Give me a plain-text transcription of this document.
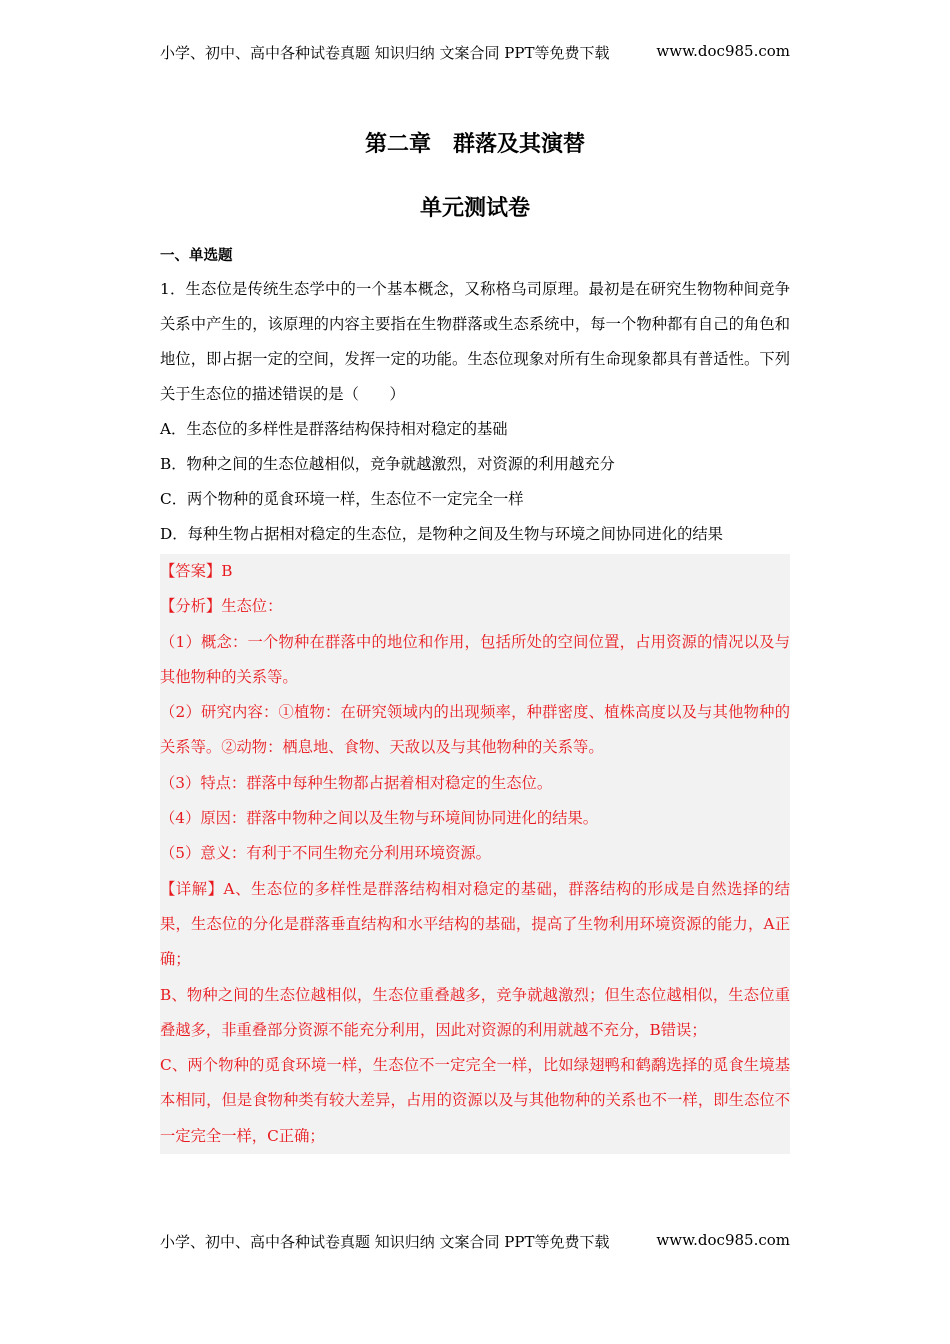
小学、初中、高中各种试卷真题 知识归纳 文案合同 PPT等免费下载	www.doc985.com
第二章　群落及其演替
单元测试卷
一、单选题

1．生态位是传统生态学中的一个基本概念，又称格乌司原理。最初是在研究生物物种间竞争关系中产生的，该原理的内容主要指在生物群落或生态系统中，每一个物种都有自己的角色和地位，即占据一定的空间，发挥一定的功能。生态位现象对所有生命现象都具有普适性。下列关于生态位的描述错误的是（　　）

A．生态位的多样性是群落结构保持相对稳定的基础

B．物种之间的生态位越相似，竞争就越激烈，对资源的利用越充分

C．两个物种的觅食环境一样，生态位不一定完全一样

D．每种生物占据相对稳定的生态位，是物种之间及生物与环境之间协同进化的结果

【答案】B

【分析】生态位：

（1）概念：一个物种在群落中的地位和作用，包括所处的空间位置，占用资源的情况以及与其他物种的关系等。

（2）研究内容：①植物：在研究领域内的出现频率，种群密度、植株高度以及与其他物种的关系等。②动物：栖息地、食物、天敌以及与其他物种的关系等。

（3）特点：群落中每种生物都占据着相对稳定的生态位。

（4）原因：群落中物种之间以及生物与环境间协同进化的结果。

（5）意义：有利于不同生物充分利用环境资源。

【详解】A、生态位的多样性是群落结构相对稳定的基础，群落结构的形成是自然选择的结果，生态位的分化是群落垂直结构和水平结构的基础，提高了生物利用环境资源的能力，A正确；

B、物种之间的生态位越相似，生态位重叠越多，竞争就越激烈；但生态位越相似，生态位重叠越多，非重叠部分资源不能充分利用，因此对资源的利用就越不充分，B错误；

C、两个物种的觅食环境一样，生态位不一定完全一样，比如绿翅鸭和鹤鹬选择的觅食生境基本相同，但是食物种类有较大差异，占用的资源以及与其他物种的关系也不一样，即生态位不一定完全一样，C正确；

小学、初中、高中各种试卷真题 知识归纳 文案合同 PPT等免费下载	www.doc985.com
